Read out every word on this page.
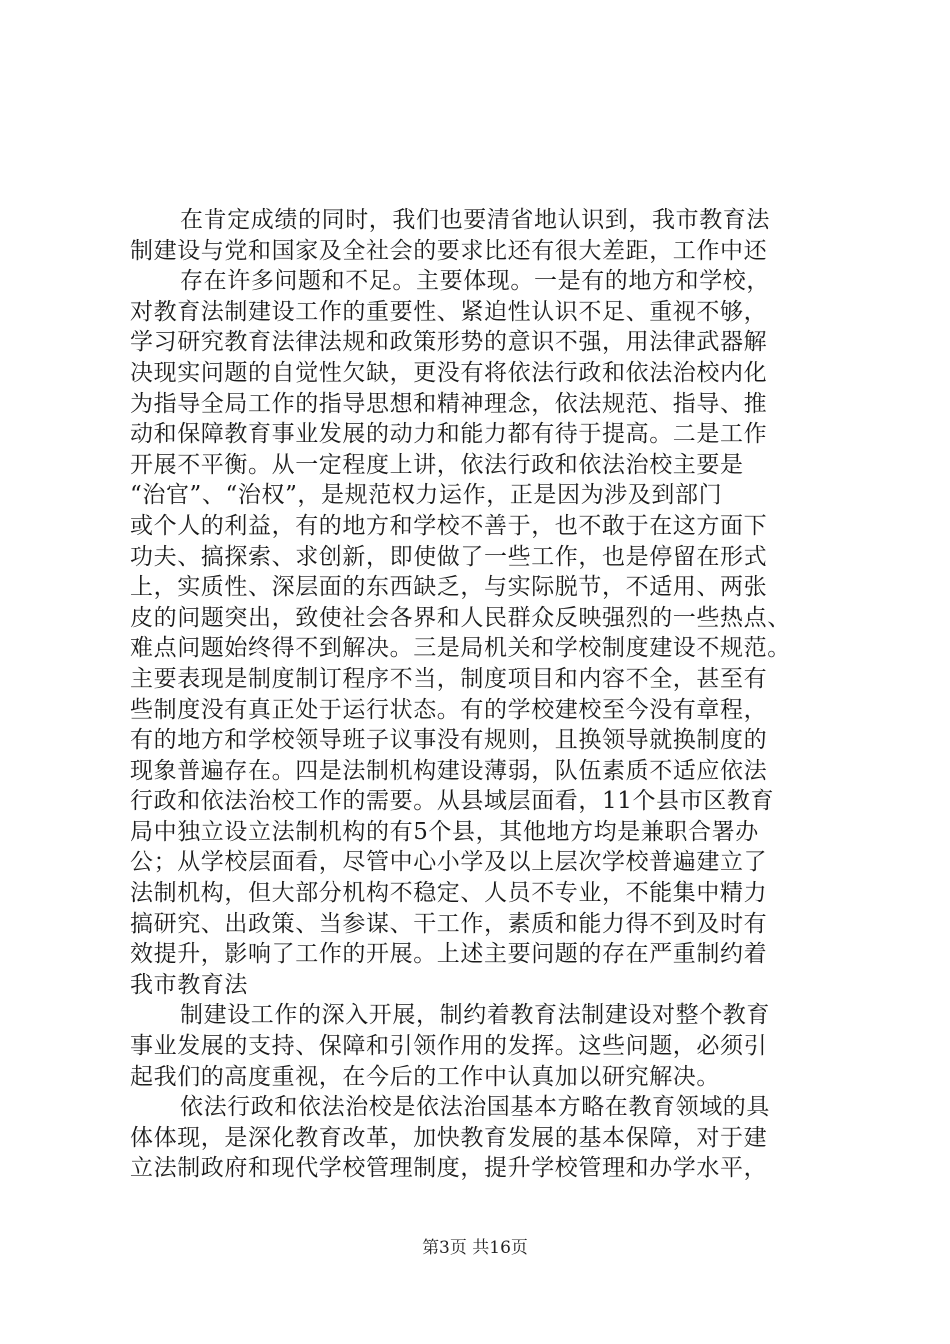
在肯定成绩的同时，我们也要清省地认识到，我市教育法
制建设与党和国家及全社会的要求比还有很大差距，工作中还
存在许多问题和不足。主要体现。一是有的地方和学校，
对教育法制建设工作的重要性、紧迫性认识不足、重视不够，
学习研究教育法律法规和政策形势的意识不强，用法律武器解
决现实问题的自觉性欠缺，更没有将依法行政和依法治校内化
为指导全局工作的指导思想和精神理念，依法规范、指导、推
动和保障教育事业发展的动力和能力都有待于提高。二是工作
开展不平衡。从一定程度上讲，依法行政和依法治校主要是
“治官”、“治权”，是规范权力运作，正是因为涉及到部门
或个人的利益，有的地方和学校不善于，也不敢于在这方面下
功夫、搞探索、求创新，即使做了一些工作，也是停留在形式
上，实质性、深层面的东西缺乏，与实际脱节，不适用、两张
皮的问题突出，致使社会各界和人民群众反映强烈的一些热点、
难点问题始终得不到解决。三是局机关和学校制度建设不规范。
主要表现是制度制订程序不当，制度项目和内容不全，甚至有
些制度没有真正处于运行状态。有的学校建校至今没有章程，
有的地方和学校领导班子议事没有规则，且换领导就换制度的
现象普遍存在。四是法制机构建设薄弱，队伍素质不适应依法
行政和依法治校工作的需要。从县域层面看，11个县市区教育
局中独立设立法制机构的有5个县，其他地方均是兼职合署办
公；从学校层面看，尽管中心小学及以上层次学校普遍建立了
法制机构，但大部分机构不稳定、人员不专业，不能集中精力
搞研究、出政策、当参谋、干工作，素质和能力得不到及时有
效提升，影响了工作的开展。上述主要问题的存在严重制约着
我市教育法
制建设工作的深入开展，制约着教育法制建设对整个教育
事业发展的支持、保障和引领作用的发挥。这些问题，必须引
起我们的高度重视，在今后的工作中认真加以研究解决。
依法行政和依法治校是依法治国基本方略在教育领域的具
体体现，是深化教育改革，加快教育发展的基本保障，对于建
立法制政府和现代学校管理制度，提升学校管理和办学水平，
第3页 共16页
